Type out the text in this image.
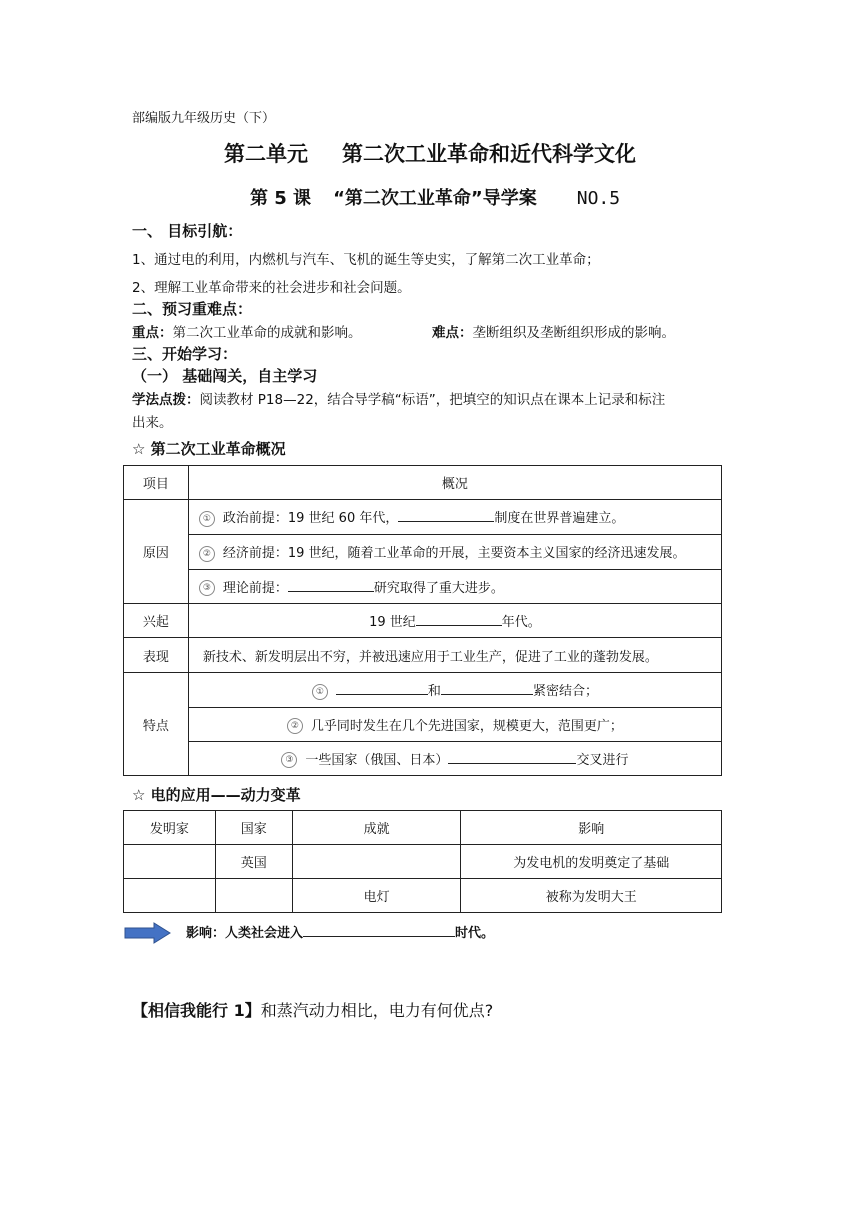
部编版九年级历史（下）
第二单元 第二次工业革命和近代科学文化
第 5 课 “第二次工业革命”导学案 NO.5
一、 目标引航：
1、通过电的利用，内燃机与汽车、飞机的诞生等史实，了解第二次工业革命；
2、理解工业革命带来的社会进步和社会问题。
二、预习重难点：
重点：第二次工业革命的成就和影响。	难点：垄断组织及垄断组织形成的影响。
三、开始学习：
（一） 基础闯关，自主学习
学法点拨：阅读教材 P18—22，结合导学稿“标语”，把填空的知识点在课本上记录和标注
出来。
☆ 第二次工业革命概况
项目	概况
原因	① 政治前提：19 世纪 60 年代， 制度在世界普遍建立。
	② 经济前提：19 世纪，随着工业革命的开展，主要资本主义国家的经济迅速发展。
	③ 理论前提： 研究取得了重大进步。
兴起	19 世纪 年代。
表现	新技术、新发明层出不穷，并被迅速应用于工业生产，促进了工业的蓬勃发展。
特点	① 和 紧密结合；
	② 几乎同时发生在几个先进国家，规模更大，范围更广；
	③ 一些国家（俄国、日本） 交叉进行
☆ 电的应用——动力变革
发明家	国家	成就	影响
	英国		为发电机的发明奠定了基础
		电灯	被称为发明大王
影响：人类社会进入	时代。
【相信我能行 1】和蒸汽动力相比，电力有何优点?
